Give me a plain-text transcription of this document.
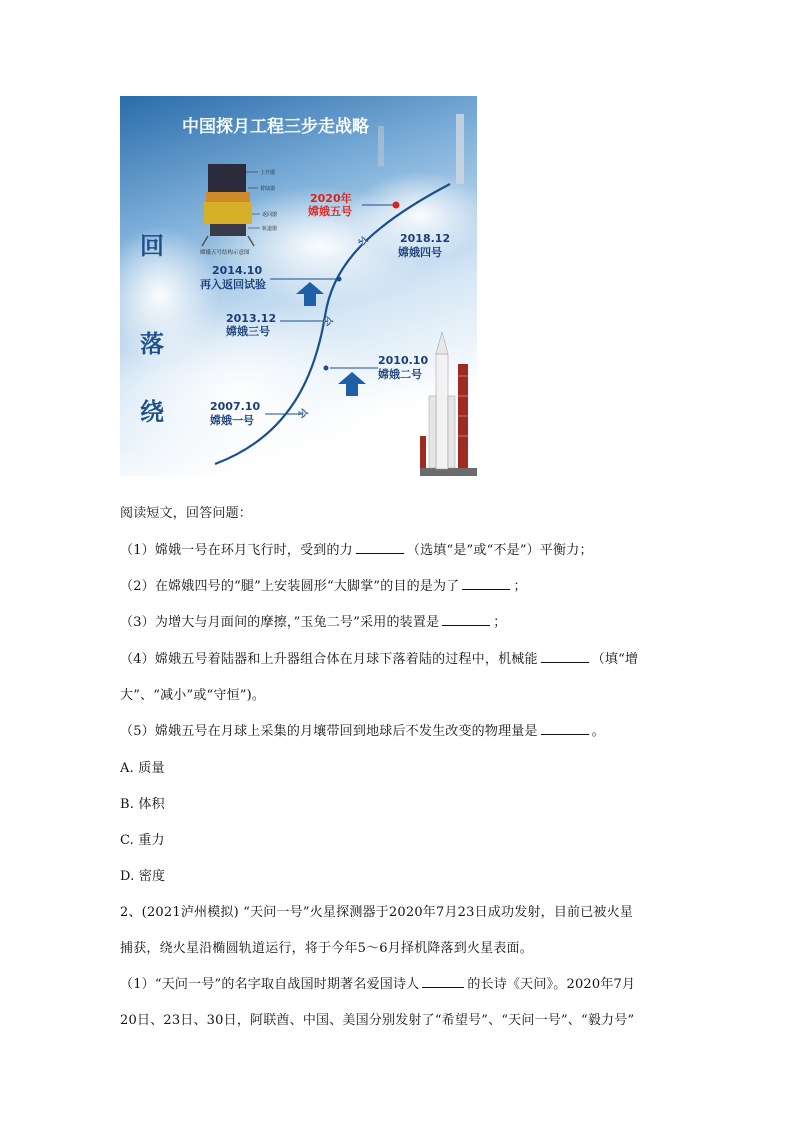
中国探月工程三步走战略
上升器
着陆器
返回器
轨道器
嫦娥五号结构示意图
回
落
绕
✈
✈
✈
2020年
嫦娥五号
2018.12
嫦娥四号
2014.10
再入返回试验
2013.12
嫦娥三号
2010.10
嫦娥二号
2007.10
嫦娥一号
阅读短文，回答问题：
（1）嫦娥一号在环月飞行时，受到的力	（选填“是”或“不是”）平衡力；
（2）在嫦娥四号的“腿”上安装圆形“大脚掌”的目的是为了	；
（3）为增大与月面间的摩擦，”玉兔二号”采用的装置是	；
（4）嫦娥五号着陆器和上升器组合体在月球下落着陆的过程中，机械能	（填“增
大”、“减小”或“守恒”)。
（5）嫦娥五号在月球上采集的月壤带回到地球后不发生改变的物理量是	。
A. 质量
B. 体积
C. 重力
D. 密度
2、(2021泸州模拟) “天问一号”火星探测器于2020年7月23日成功发射，目前已被火星
捕获，绕火星沿椭圆轨道运行，将于今年5～6月择机降落到火星表面。
（1）“天问一号”的名字取自战国时期著名爱国诗人	的长诗《天问》。2020年7月
20日、23日、30日，阿联酋、中国、美国分别发射了“希望号”、“天问一号”、“毅力号”
